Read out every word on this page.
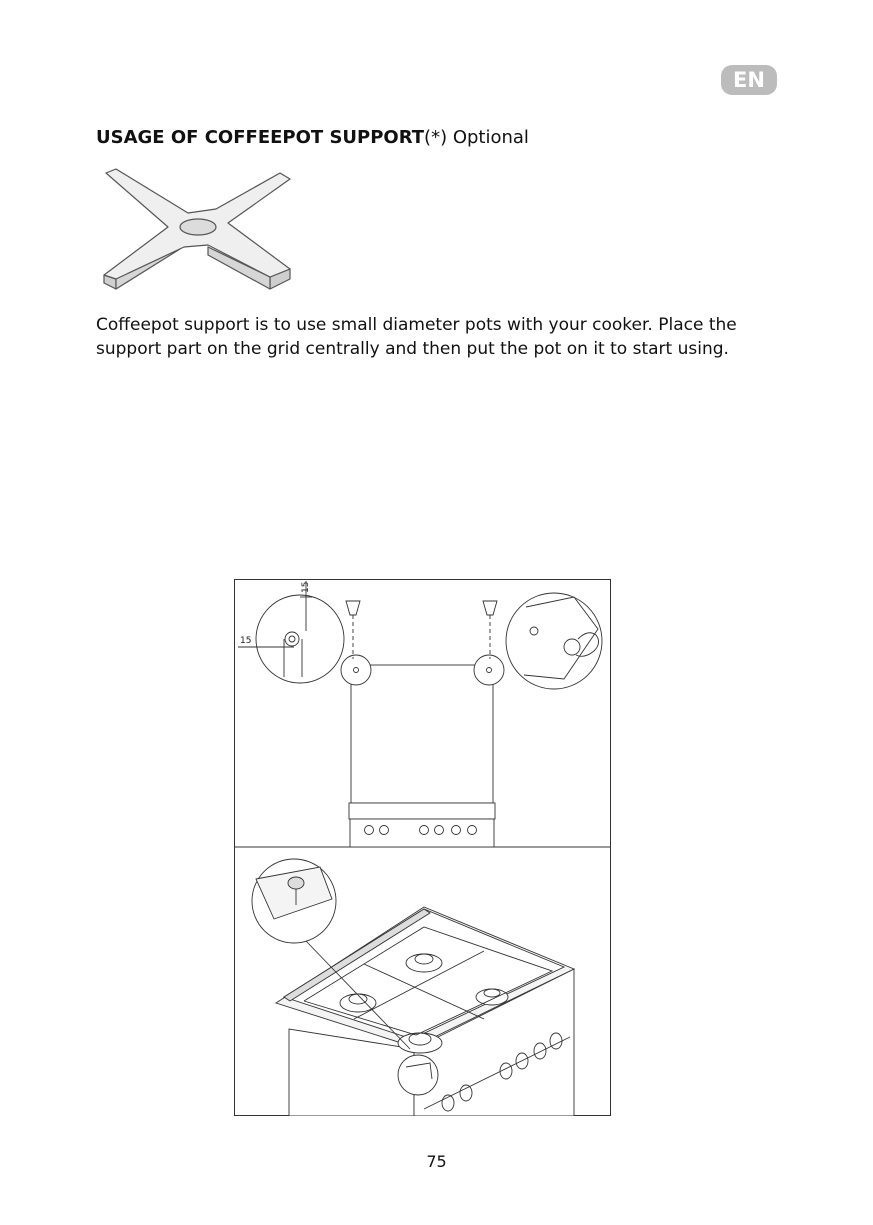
EN
USAGE OF COFFEEPOT SUPPORT(*) Optional

Coffeepot support is to use small diameter pots with your cooker. Place the

support part on the grid centrally and then put the pot on it to start using.

15
15
75
